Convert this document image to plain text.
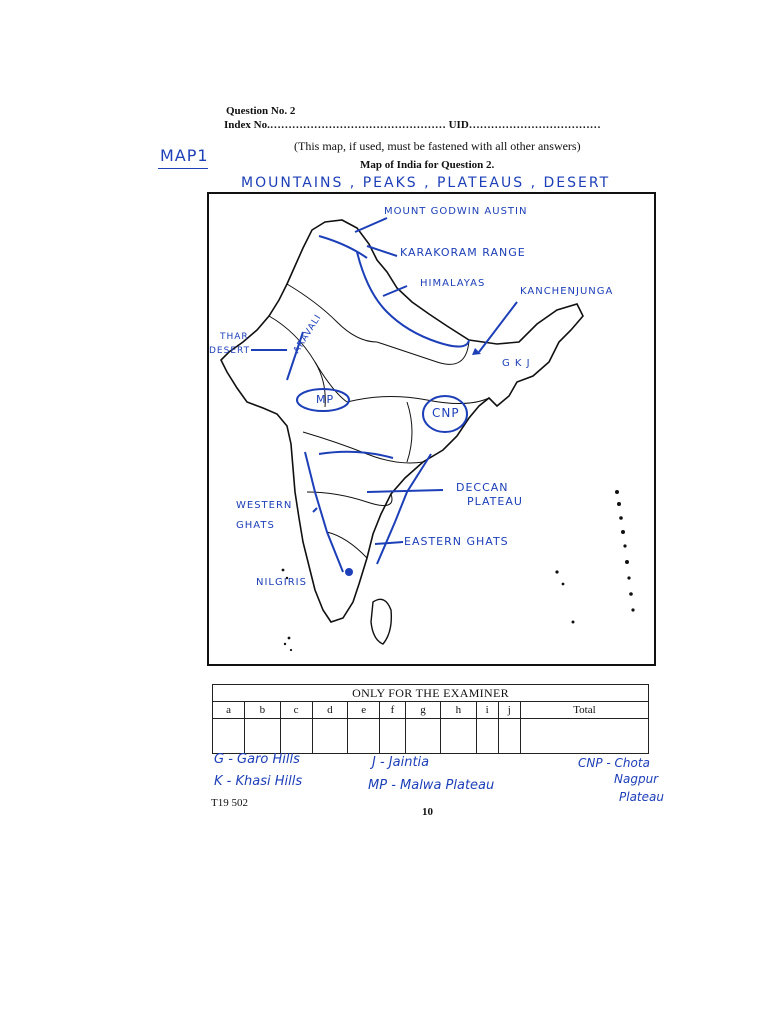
Question No. 2
Index No.………………………………………… UID………………………………
(This map, if used, must be fastened with all other answers)
Map of India for Question 2.
MAP1
MOUNTAINS , PEAKS , PLATEAUS , DESERT
MOUNT GODWIN AUSTIN
KARAKORAM RANGE
HIMALAYAS
KANCHENJUNGA
THAR
DESERT	ARAVALI
MP
CNP
G K J
DECCAN
PLATEAU
WESTERN
GHATS
EASTERN GHATS
NILGIRIS
ONLY FOR THE EXAMINER										
a	b	c	d	e	f	g	h	i	j	Total

G - Garo Hills
K - Khasi Hills
J - Jaintia
MP - Malwa Plateau
CNP - Chota
Nagpur
Plateau
T19 502
10
